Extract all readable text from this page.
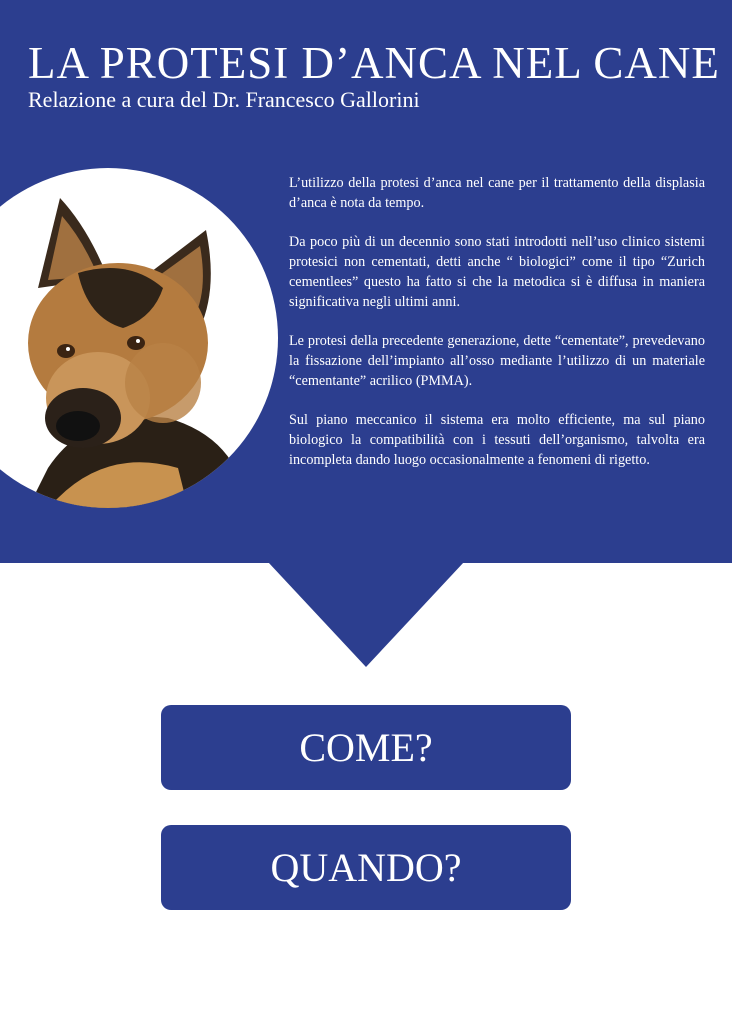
LA PROTESI D’ANCA NEL CANE
Relazione a cura del Dr. Francesco Gallorini

L’utilizzo della protesi d’anca nel cane per il trattamento della displasia d’anca è nota da tempo.

Da poco più di un decennio sono stati introdotti nell’uso clinico sistemi protesici non cementati, detti anche “ biologici” come il tipo “Zurich cementlees” questo ha fatto si che la metodica si è diffusa in maniera significativa negli ultimi anni.

Le protesi della precedente generazione, dette “cementate”, prevedevano la fissazione dell’impianto all’osso mediante l’utilizzo di un materiale “cementante” acrilico (PMMA).

Sul piano meccanico il sistema era molto efficiente, ma sul piano biologico la compatibilità con i tessuti dell’organismo, talvolta era incompleta dando luogo occasionalmente a fenomeni di rigetto.

COME?
QUANDO?
